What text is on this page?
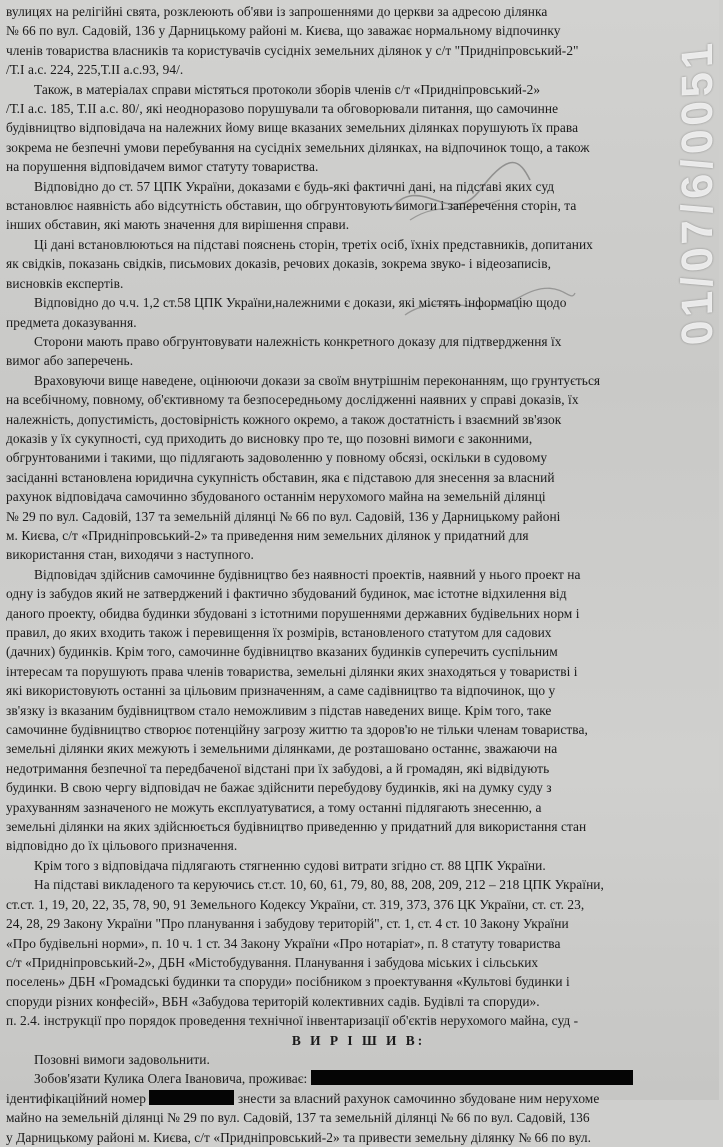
вулицях на релігійні свята, розклеюють об'яви із запрошеннями до церкви за адресою ділянка
№ 66 по вул. Садовій, 136 у Дарницькому районі м. Києва, що заважає нормальному відпочинку
членів товариства власників та користувачів сусідніх земельних ділянок у с/т "Придніпровський-2"
/Т.І а.с. 224, 225,Т.ІІ а.с.93, 94/.
Також, в матеріалах справи містяться протоколи зборів членів с/т «Придніпровський-2»
/Т.І а.с. 185, Т.ІІ а.с. 80/, які неодноразово порушували та обговорювали питання, що самочинне
будівництво відповідача на належних йому вище вказаних земельних ділянках порушують їх права
зокрема не безпечні умови перебування на сусідніх земельних ділянках, на відпочинок тощо, а також
на порушення відповідачем вимог статуту товариства.
Відповідно до ст. 57 ЦПК України, доказами є будь-які фактичні дані, на підставі яких суд
встановлює наявність або відсутність обставин, що обгрунтовують вимоги і заперечення сторін, та
інших обставин, які мають значення для вирішення справи.
Ці дані встановлюються на підставі пояснень сторін, третіх осіб, їхніх представників, допитаних
як свідків, показань свідків, письмових доказів, речових доказів, зокрема звуко- і відеозаписів,
висновків експертів.
Відповідно до ч.ч. 1,2 ст.58 ЦПК України,належними є докази, які містять інформацію щодо
предмета доказування.
Сторони мають право обгрунтовувати належність конкретного доказу для підтвердження їх
вимог або заперечень.
Враховуючи вище наведене, оцінюючи докази за своїм внутрішнім переконанням, що грунтується
на всебічному, повному, об'єктивному та безпосередньому дослідженні наявних у справі доказів, їх
належність, допустимість, достовірність кожного окремо, а також достатність і взаємний зв'язок
доказів у їх сукупності, суд приходить до висновку про те, що позовні вимоги є законними,
обгрунтованими і такими, що підлягають задоволенню у повному обсязі, оскільки в судовому
засіданні встановлена юридична сукупність обставин, яка є підставою для знесення за власний
рахунок відповідача самочинно збудованого останнім нерухомого майна на земельній ділянці
№ 29 по вул. Садовій, 137 та земельній ділянці № 66 по вул. Садовій, 136 у Дарницькому районі
м. Києва, с/т «Придніпровський-2» та приведення ним земельних ділянок у придатний для
використання стан, виходячи з наступного.
Відповідач здійснив самочинне будівництво без наявності проектів, наявний у нього проект на
одну із забудов який не затверджений і фактично збудований будинок, має істотне відхилення від
даного проекту, обидва будинки збудовані з істотними порушеннями державних будівельних норм і
правил, до яких входить також і перевищення їх розмірів, встановленого статутом для садових
(дачних) будинків. Крім того, самочинне будівництво вказаних будинків суперечить суспільним
інтересам та порушують права членів товариства, земельні ділянки яких знаходяться у товаристві і
які використовують останні за цільовим призначенням, а саме садівництво та відпочинок, що у
зв'язку із вказаним будівництвом стало неможливим з підстав наведених вище. Крім того, таке
самочинне будівництво створює потенційну загрозу життю та здоров'ю не тільки членам товариства,
земельні ділянки яких межують і земельними ділянками, де розташовано останнє, зважаючи на
недотримання безпечної та передбаченої відстані при їх забудові, а й громадян, які відвідують
будинки. В свою чергу відповідач не бажає здійснити перебудову будинків, які на думку суду з
урахуванням зазначеного не можуть експлуатуватися, а тому останні підлягають знесенню, а
земельні ділянки на яких здійснюється будівництво приведенню у придатний для використання стан
відповідно до їх цільового призначення.
Крім того з відповідача підлягають стягненню судові витрати згідно ст. 88 ЦПК України.
На підставі викладеного та керуючись ст.ст. 10, 60, 61, 79, 80, 88, 208, 209, 212 – 218 ЦПК України,
ст.ст. 1, 19, 20, 22, 35, 78, 90, 91 Земельного Кодексу України, ст. 319, 373, 376 ЦК України, ст. ст. 23,
24, 28, 29 Закону України "Про планування і забудову територій", ст. 1, ст. 4 ст. 10 Закону України
«Про будівельні норми», п. 10 ч. 1 ст. 34 Закону України «Про нотаріат», п. 8 статуту товариства
с/т «Придніпровський-2», ДБН «Містобудування. Планування і забудова міських і сільських
поселень» ДБН «Громадські будинки та споруди» посібником з проектування «Культові будинки і
споруди різних конфесій», ВБН «Забудова територій колективних садів. Будівлі та споруди».
п. 2.4. інструкції про порядок проведення технічної інвентаризації об'єктів нерухомого майна, суд -
В И Р І Ш И В:
Позовні вимоги задовольнити.
Зобов'язати Кулика Олега Івановича, проживає:
ідентифікаційний номер	знести за власний рахунок самочинно збудоване ним нерухоме
майно на земельній ділянці № 29 по вул. Садовій, 137 та земельній ділянці № 66 по вул. Садовій, 136
у Дарницькому районі м. Києва, с/т «Придніпровський-2» та привести земельну ділянку № 66 по вул.
01/07/6/0051
